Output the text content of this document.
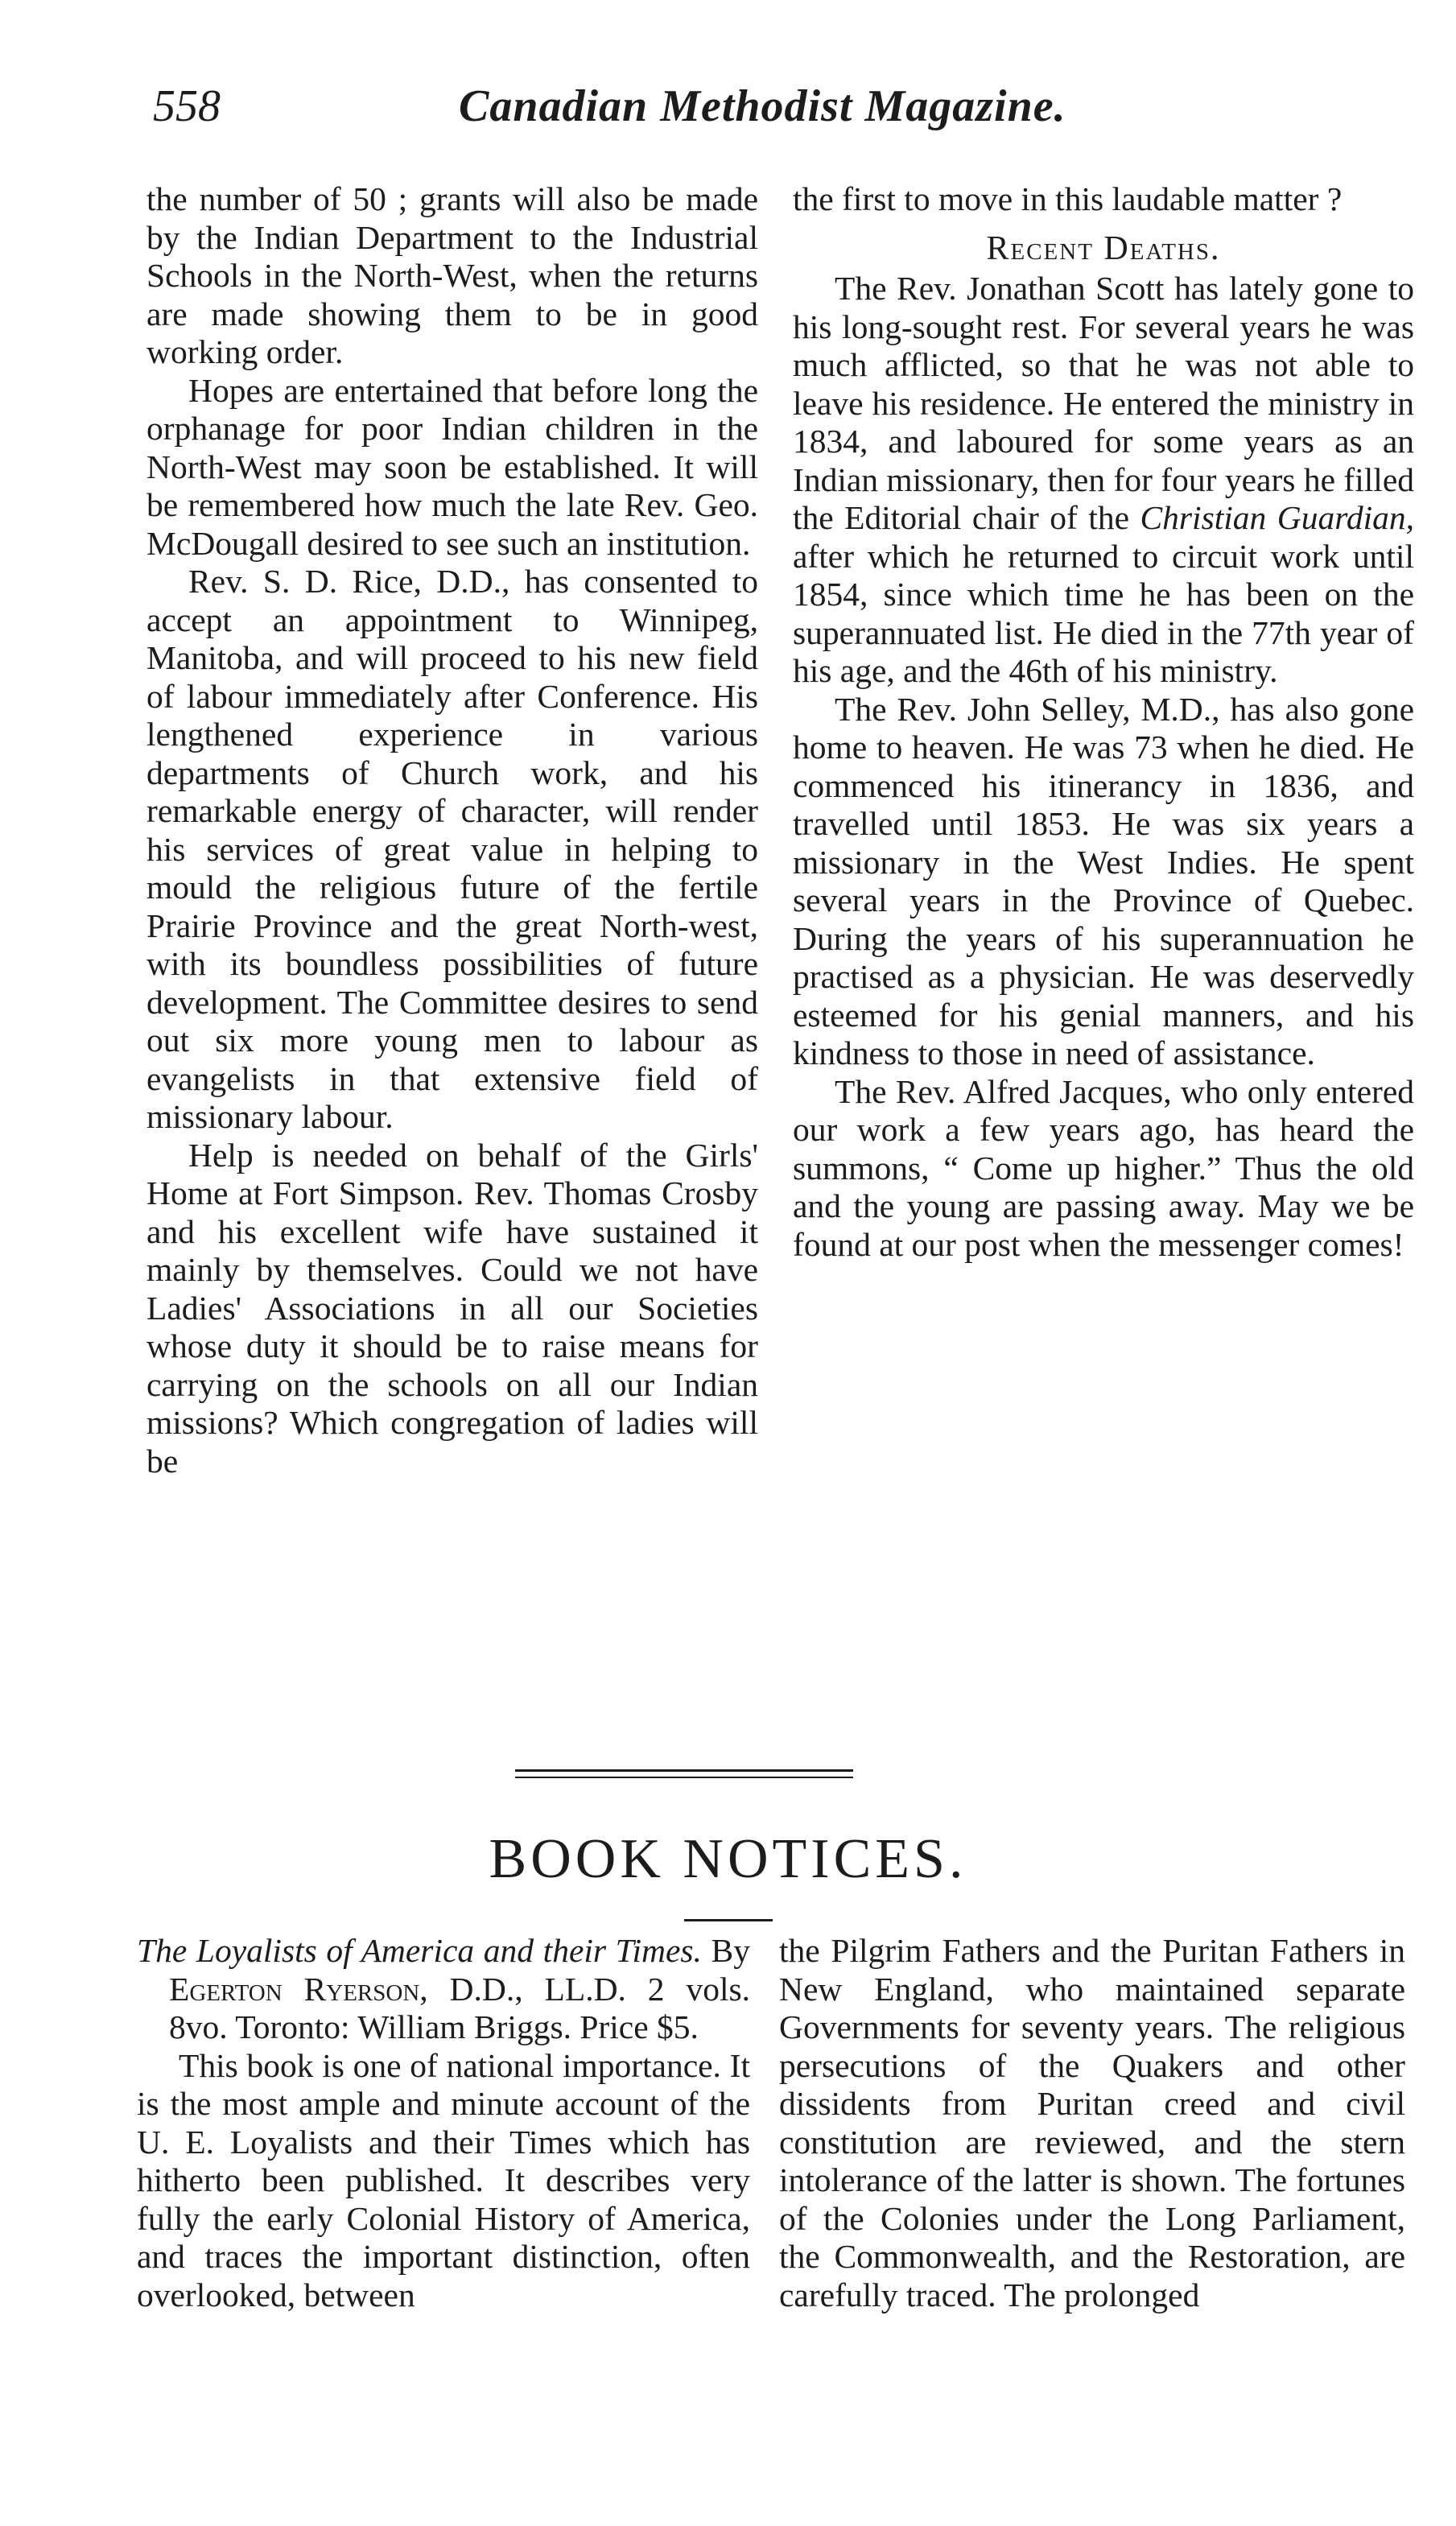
558	Canadian Methodist Magazine.

the number of 50 ; grants will also be made by the Indian Department to the Industrial Schools in the North-West, when the returns are made showing them to be in good working order.

Hopes are entertained that before long the orphanage for poor Indian children in the North-West may soon be established. It will be remembered how much the late Rev. Geo. McDougall desired to see such an institution.

Rev. S. D. Rice, D.D., has consented to accept an appointment to Winnipeg, Manitoba, and will proceed to his new field of labour immediately after Conference. His lengthened experience in various departments of Church work, and his remarkable energy of character, will render his services of great value in helping to mould the religious future of the fertile Prairie Province and the great North-west, with its boundless possibilities of future development. The Committee desires to send out six more young men to labour as evangelists in that extensive field of missionary labour.

Help is needed on behalf of the Girls' Home at Fort Simpson. Rev. Thomas Crosby and his excellent wife have sustained it mainly by themselves. Could we not have Ladies' Associations in all our Societies whose duty it should be to raise means for carrying on the schools on all our Indian missions? Which congregation of ladies will be

the first to move in this laudable matter ?

Recent Deaths.

The Rev. Jonathan Scott has lately gone to his long-sought rest. For several years he was much afflicted, so that he was not able to leave his residence. He entered the ministry in 1834, and laboured for some years as an Indian missionary, then for four years he filled the Editorial chair of the Christian Guardian, after which he returned to circuit work until 1854, since which time he has been on the superannuated list. He died in the 77th year of his age, and the 46th of his ministry.

The Rev. John Selley, M.D., has also gone home to heaven. He was 73 when he died. He commenced his itinerancy in 1836, and travelled until 1853. He was six years a missionary in the West Indies. He spent several years in the Province of Quebec. During the years of his superannuation he practised as a physician. He was deservedly esteemed for his genial manners, and his kindness to those in need of assistance.

The Rev. Alfred Jacques, who only entered our work a few years ago, has heard the summons, “ Come up higher.” Thus the old and the young are passing away. May we be found at our post when the messenger comes!

BOOK NOTICES.

The Loyalists of America and their Times. By Egerton Ryerson, D.D., LL.D. 2 vols. 8vo. Toronto: William Briggs. Price $5.

This book is one of national importance. It is the most ample and minute account of the U. E. Loyalists and their Times which has hitherto been published. It describes very fully the early Colonial History of America, and traces the important distinction, often overlooked, between

the Pilgrim Fathers and the Puritan Fathers in New England, who maintained separate Governments for seventy years. The religious persecutions of the Quakers and other dissidents from Puritan creed and civil constitution are reviewed, and the stern intolerance of the latter is shown. The fortunes of the Colonies under the Long Parliament, the Commonwealth, and the Restoration, are carefully traced. The prolonged
